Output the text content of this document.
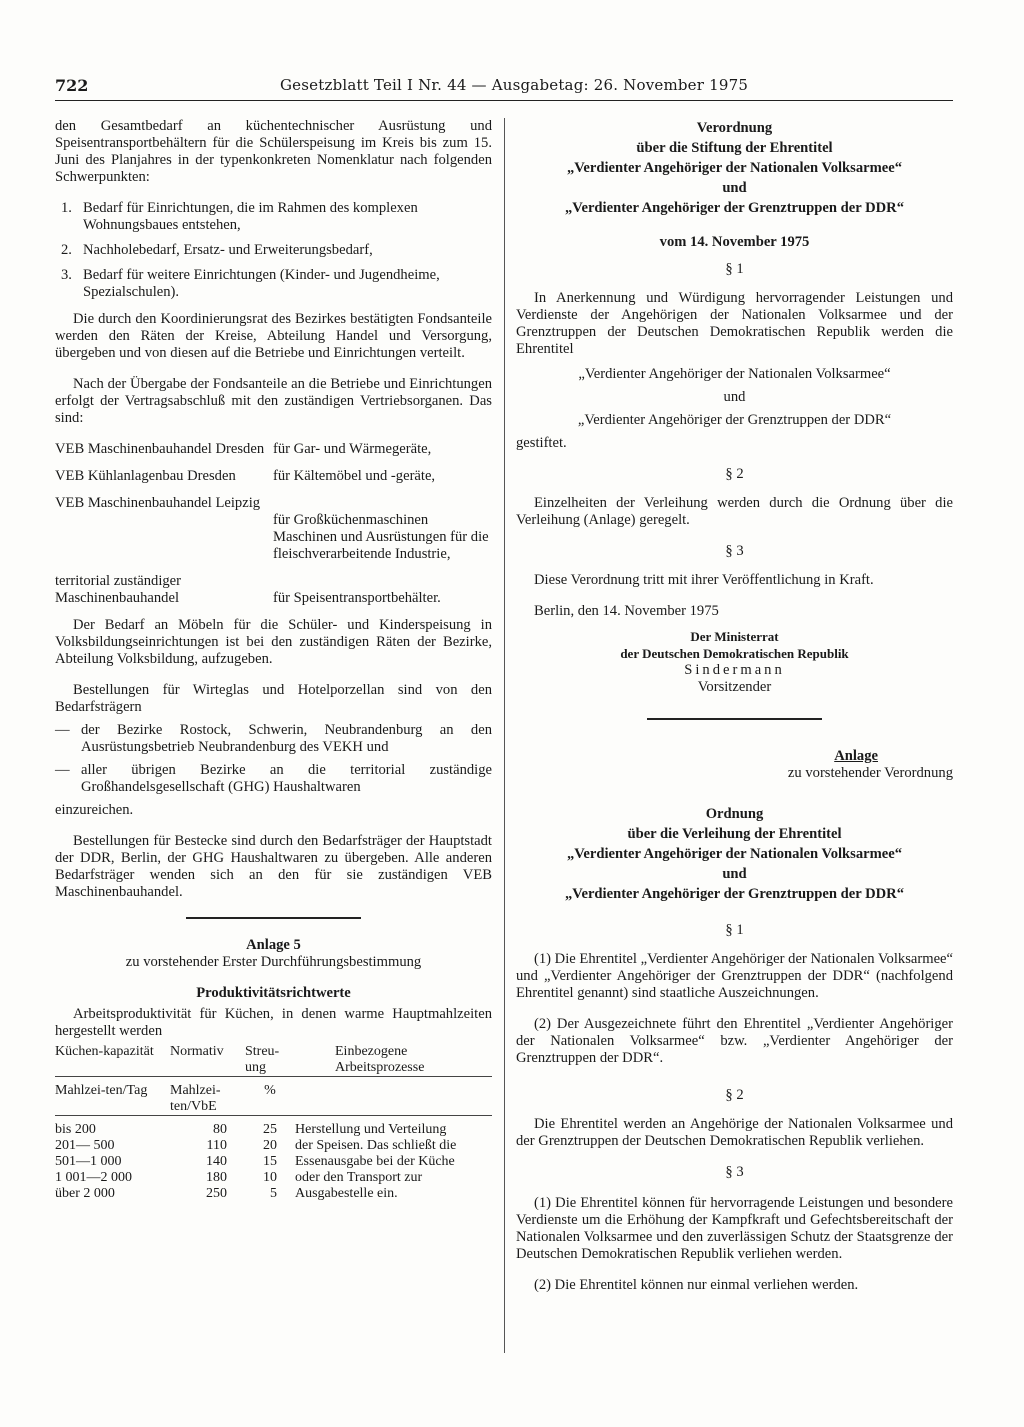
722	Gesetzblatt Teil I Nr. 44 — Ausgabetag: 26. November 1975

den Gesamtbedarf an küchentechnischer Ausrüstung und Speisentransportbehältern für die Schülerspeisung im Kreis bis zum 15. Juni des Planjahres in der typenkonkreten Nomenklatur nach folgenden Schwerpunkten:

1. Bedarf für Einrichtungen, die im Rahmen des komplexen Wohnungsbaues entstehen,
2. Nachholebedarf, Ersatz- und Erweiterungsbedarf,
3. Bedarf für weitere Einrichtungen (Kinder- und Jugendheime, Spezialschulen).

Die durch den Koordinierungsrat des Bezirkes bestätigten Fondsanteile werden den Räten der Kreise, Abteilung Handel und Versorgung, übergeben und von diesen auf die Betriebe und Einrichtungen verteilt.

Nach der Übergabe der Fondsanteile an die Betriebe und Einrichtungen erfolgt der Vertragsabschluß mit den zuständigen Vertriebsorganen. Das sind:

VEB Maschinenbauhandel Dresden für Gar- und Wärmegeräte,
VEB Kühlanlagenbau Dresden	für Kältemöbel und -geräte,
VEB Maschinenbauhandel Leipzig
für Großküchenmaschinen Maschinen und Ausrüstungen für die fleischverarbeitende Industrie,
territorial zuständiger Maschinenbauhandel	für Speisentransportbehälter.

Der Bedarf an Möbeln für die Schüler- und Kinderspeisung in Volksbildungseinrichtungen ist bei den zuständigen Räten der Bezirke, Abteilung Volksbildung, aufzugeben.

Bestellungen für Wirteglas und Hotelporzellan sind von den Bedarfsträgern

— der Bezirke Rostock, Schwerin, Neubrandenburg an den Ausrüstungsbetrieb Neubrandenburg des VEKH und
— aller übrigen Bezirke an die territorial zuständige Großhandelsgesellschaft (GHG) Haushaltwaren

einzureichen.

Bestellungen für Bestecke sind durch den Bedarfsträger der Hauptstadt der DDR, Berlin, der GHG Haushaltwaren zu übergeben. Alle anderen Bedarfsträger wenden sich an den für sie zuständigen VEB Maschinenbauhandel.

Anlage 5
zu vorstehender Erster Durchführungsbestimmung
Produktivitätsrichtwerte

Arbeitsproduktivität für Küchen, in denen warme Hauptmahlzeiten hergestellt werden

Küchen-kapazität	Normativ	Streu-ung	Einbezogene Arbeitsprozesse

Mahlzei-ten/Tag	Mahlzei-ten/VbE	%	

bis 200	80	25	Herstellung und Verteilung
201— 500	110	20	der Speisen. Das schließt die
501—1 000	140	15	Essenausgabe bei der Küche
1 001—2 000	180	10	oder den Transport zur
über 2 000	250	5	Ausgabestelle ein.
Verordnung
über die Stiftung der Ehrentitel
„Verdienter Angehöriger der Nationalen Volksarmee“
und
„Verdienter Angehöriger der Grenztruppen der DDR“
vom 14. November 1975
§ 1

In Anerkennung und Würdigung hervorragender Leistungen und Verdienste der Angehörigen der Nationalen Volksarmee und der Grenztruppen der Deutschen Demokratischen Republik werden die Ehrentitel

„Verdienter Angehöriger der Nationalen Volksarmee“
und
„Verdienter Angehöriger der Grenztruppen der DDR“

gestiftet.

§ 2

Einzelheiten der Verleihung werden durch die Ordnung über die Verleihung (Anlage) geregelt.

§ 3

Diese Verordnung tritt mit ihrer Veröffentlichung in Kraft.

Berlin, den 14. November 1975

Der Ministerrat
der Deutschen Demokratischen Republik
Sindermann
Vorsitzender
Anlage
zu vorstehender Verordnung
Ordnung
über die Verleihung der Ehrentitel
„Verdienter Angehöriger der Nationalen Volksarmee“
und
„Verdienter Angehöriger der Grenztruppen der DDR“
§ 1

(1) Die Ehrentitel „Verdienter Angehöriger der Nationalen Volksarmee“ und „Verdienter Angehöriger der Grenztruppen der DDR“ (nachfolgend Ehrentitel genannt) sind staatliche Auszeichnungen.

(2) Der Ausgezeichnete führt den Ehrentitel „Verdienter Angehöriger der Nationalen Volksarmee“ bzw. „Verdienter Angehöriger der Grenztruppen der DDR“.

§ 2

Die Ehrentitel werden an Angehörige der Nationalen Volksarmee und der Grenztruppen der Deutschen Demokratischen Republik verliehen.

§ 3

(1) Die Ehrentitel können für hervorragende Leistungen und besondere Verdienste um die Erhöhung der Kampfkraft und Gefechtsbereitschaft der Nationalen Volksarmee und den zuverlässigen Schutz der Staatsgrenze der Deutschen Demokratischen Republik verliehen werden.

(2) Die Ehrentitel können nur einmal verliehen werden.
